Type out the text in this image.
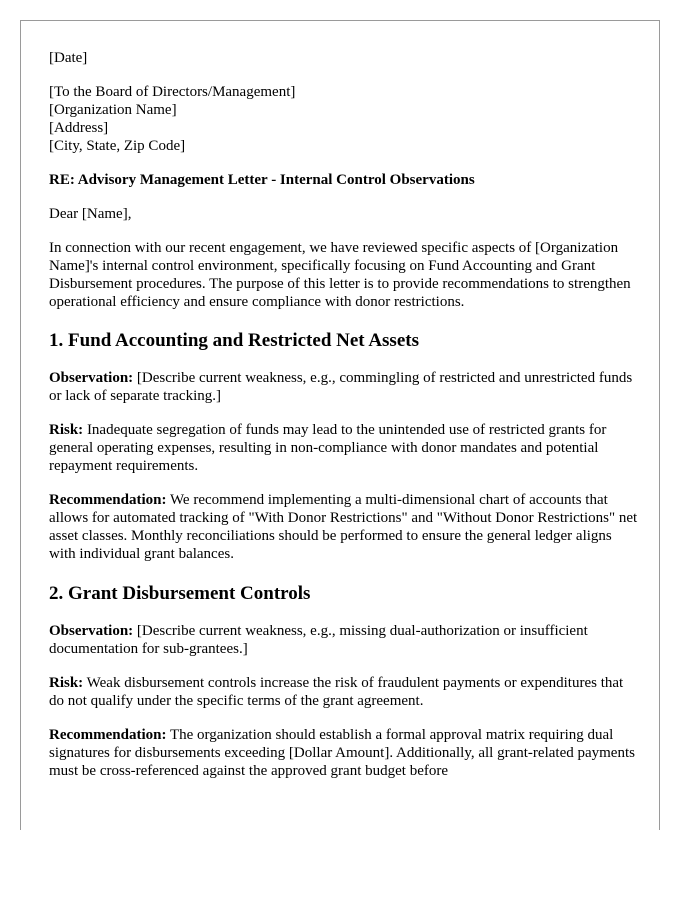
[Date]

[To the Board of Directors/Management]
[Organization Name]
[Address]
[City, State, Zip Code]

RE: Advisory Management Letter - Internal Control Observations

Dear [Name],

In connection with our recent engagement, we have reviewed specific aspects of [Organization Name]'s internal control environment, specifically focusing on Fund Accounting and Grant Disbursement procedures. The purpose of this letter is to provide recommendations to strengthen operational efficiency and ensure compliance with donor restrictions.

1. Fund Accounting and Restricted Net Assets

Observation: [Describe current weakness, e.g., commingling of restricted and unrestricted funds or lack of separate tracking.]

Risk: Inadequate segregation of funds may lead to the unintended use of restricted grants for general operating expenses, resulting in non-compliance with donor mandates and potential repayment requirements.

Recommendation: We recommend implementing a multi-dimensional chart of accounts that allows for automated tracking of "With Donor Restrictions" and "Without Donor Restrictions" net asset classes. Monthly reconciliations should be performed to ensure the general ledger aligns with individual grant balances.

2. Grant Disbursement Controls

Observation: [Describe current weakness, e.g., missing dual-authorization or insufficient documentation for sub-grantees.]

Risk: Weak disbursement controls increase the risk of fraudulent payments or expenditures that do not qualify under the specific terms of the grant agreement.

Recommendation: The organization should establish a formal approval matrix requiring dual signatures for disbursements exceeding [Dollar Amount]. Additionally, all grant-related payments must be cross-referenced against the approved grant budget before
